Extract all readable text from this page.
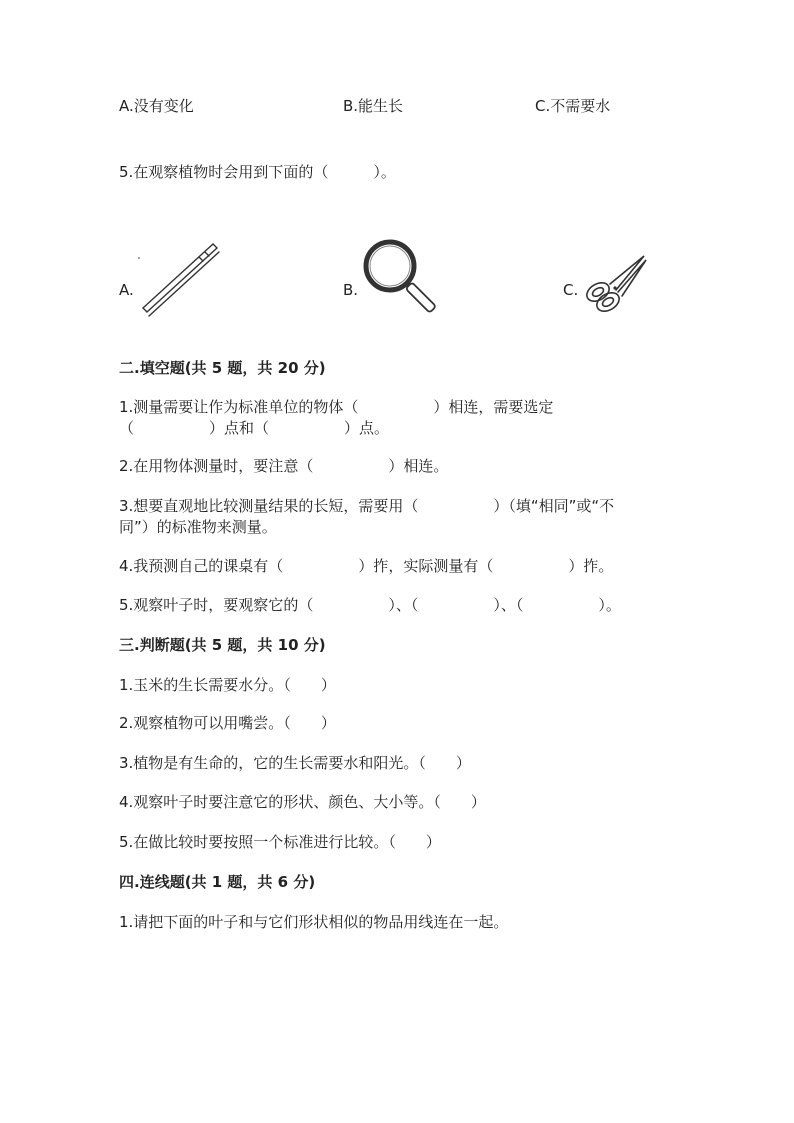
A.没有变化	B.能生长	C.不需要水
5.在观察植物时会用到下面的（　　　）。
A.	B.	C.
二.填空题(共 5 题，共 20 分)
1.测量需要让作为标准单位的物体（　　　　　）相连，需要选定
（　　　　　）点和（　　　　　）点。
2.在用物体测量时，要注意（　　　　　）相连。
3.想要直观地比较测量结果的长短，需要用（　　　　　）（填“相同”或“不
同”）的标准物来测量。
4.我预测自己的课桌有（　　　　　）拃，实际测量有（　　　　　）拃。
5.观察叶子时，要观察它的（　　　　　）、（　　　　　）、（　　　　　）。
三.判断题(共 5 题，共 10 分)
1.玉米的生长需要水分。（　　）
2.观察植物可以用嘴尝。（　　）
3.植物是有生命的，它的生长需要水和阳光。（　　）
4.观察叶子时要注意它的形状、颜色、大小等。（　　）
5.在做比较时要按照一个标准进行比较。（　　）
四.连线题(共 1 题，共 6 分)
1.请把下面的叶子和与它们形状相似的物品用线连在一起。
